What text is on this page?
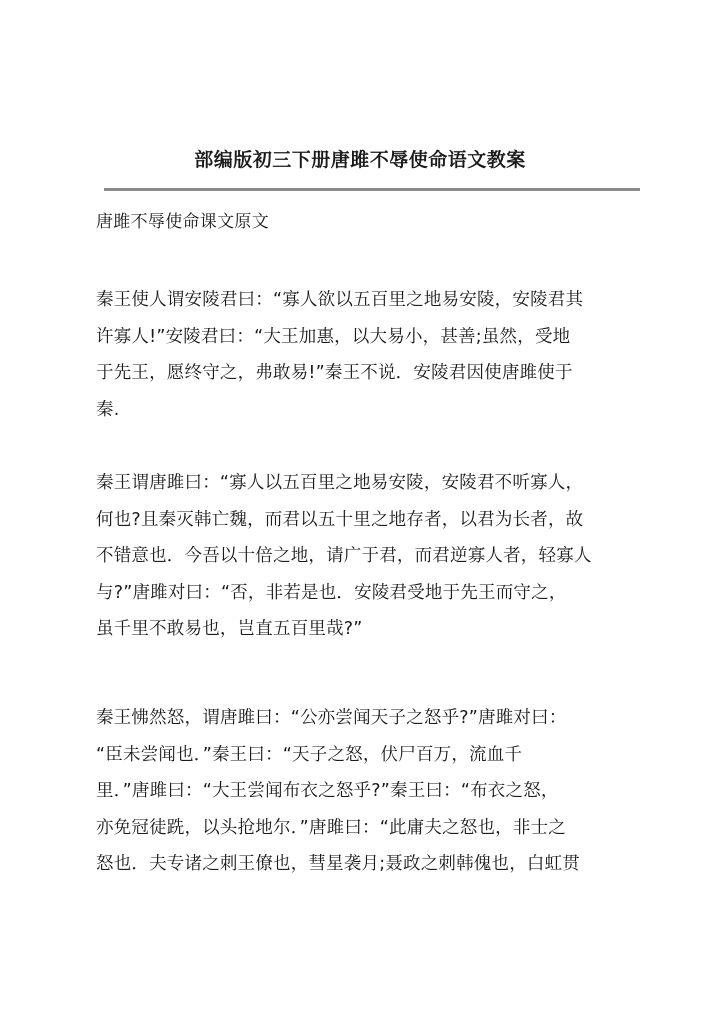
部编版初三下册唐雎不辱使命语文教案
唐雎不辱使命课文原文
秦王使人谓安陵君曰：“寡人欲以五百里之地易安陵，安陵君其
许寡人!”安陵君曰：“大王加惠，以大易小，甚善;虽然，受地
于先王，愿终守之，弗敢易!”秦王不说．安陵君因使唐雎使于
秦.
秦王谓唐雎曰：“寡人以五百里之地易安陵，安陵君不听寡人，
何也?且秦灭韩亡魏，而君以五十里之地存者，以君为长者，故
不错意也．今吾以十倍之地，请广于君，而君逆寡人者，轻寡人
与?”唐雎对曰：“否，非若是也．安陵君受地于先王而守之，
虽千里不敢易也，岂直五百里哉?”
秦王怫然怒，谓唐雎曰：“公亦尝闻天子之怒乎?”唐雎对曰：
“臣未尝闻也．”秦王曰：“天子之怒，伏尸百万，流血千
里．”唐雎曰：“大王尝闻布衣之怒乎?”秦王曰：“布衣之怒，
亦免冠徒跣，以头抢地尔．”唐雎曰：“此庸夫之怒也，非士之
怒也．夫专诸之刺王僚也，彗星袭月;聂政之刺韩傀也，白虹贯
